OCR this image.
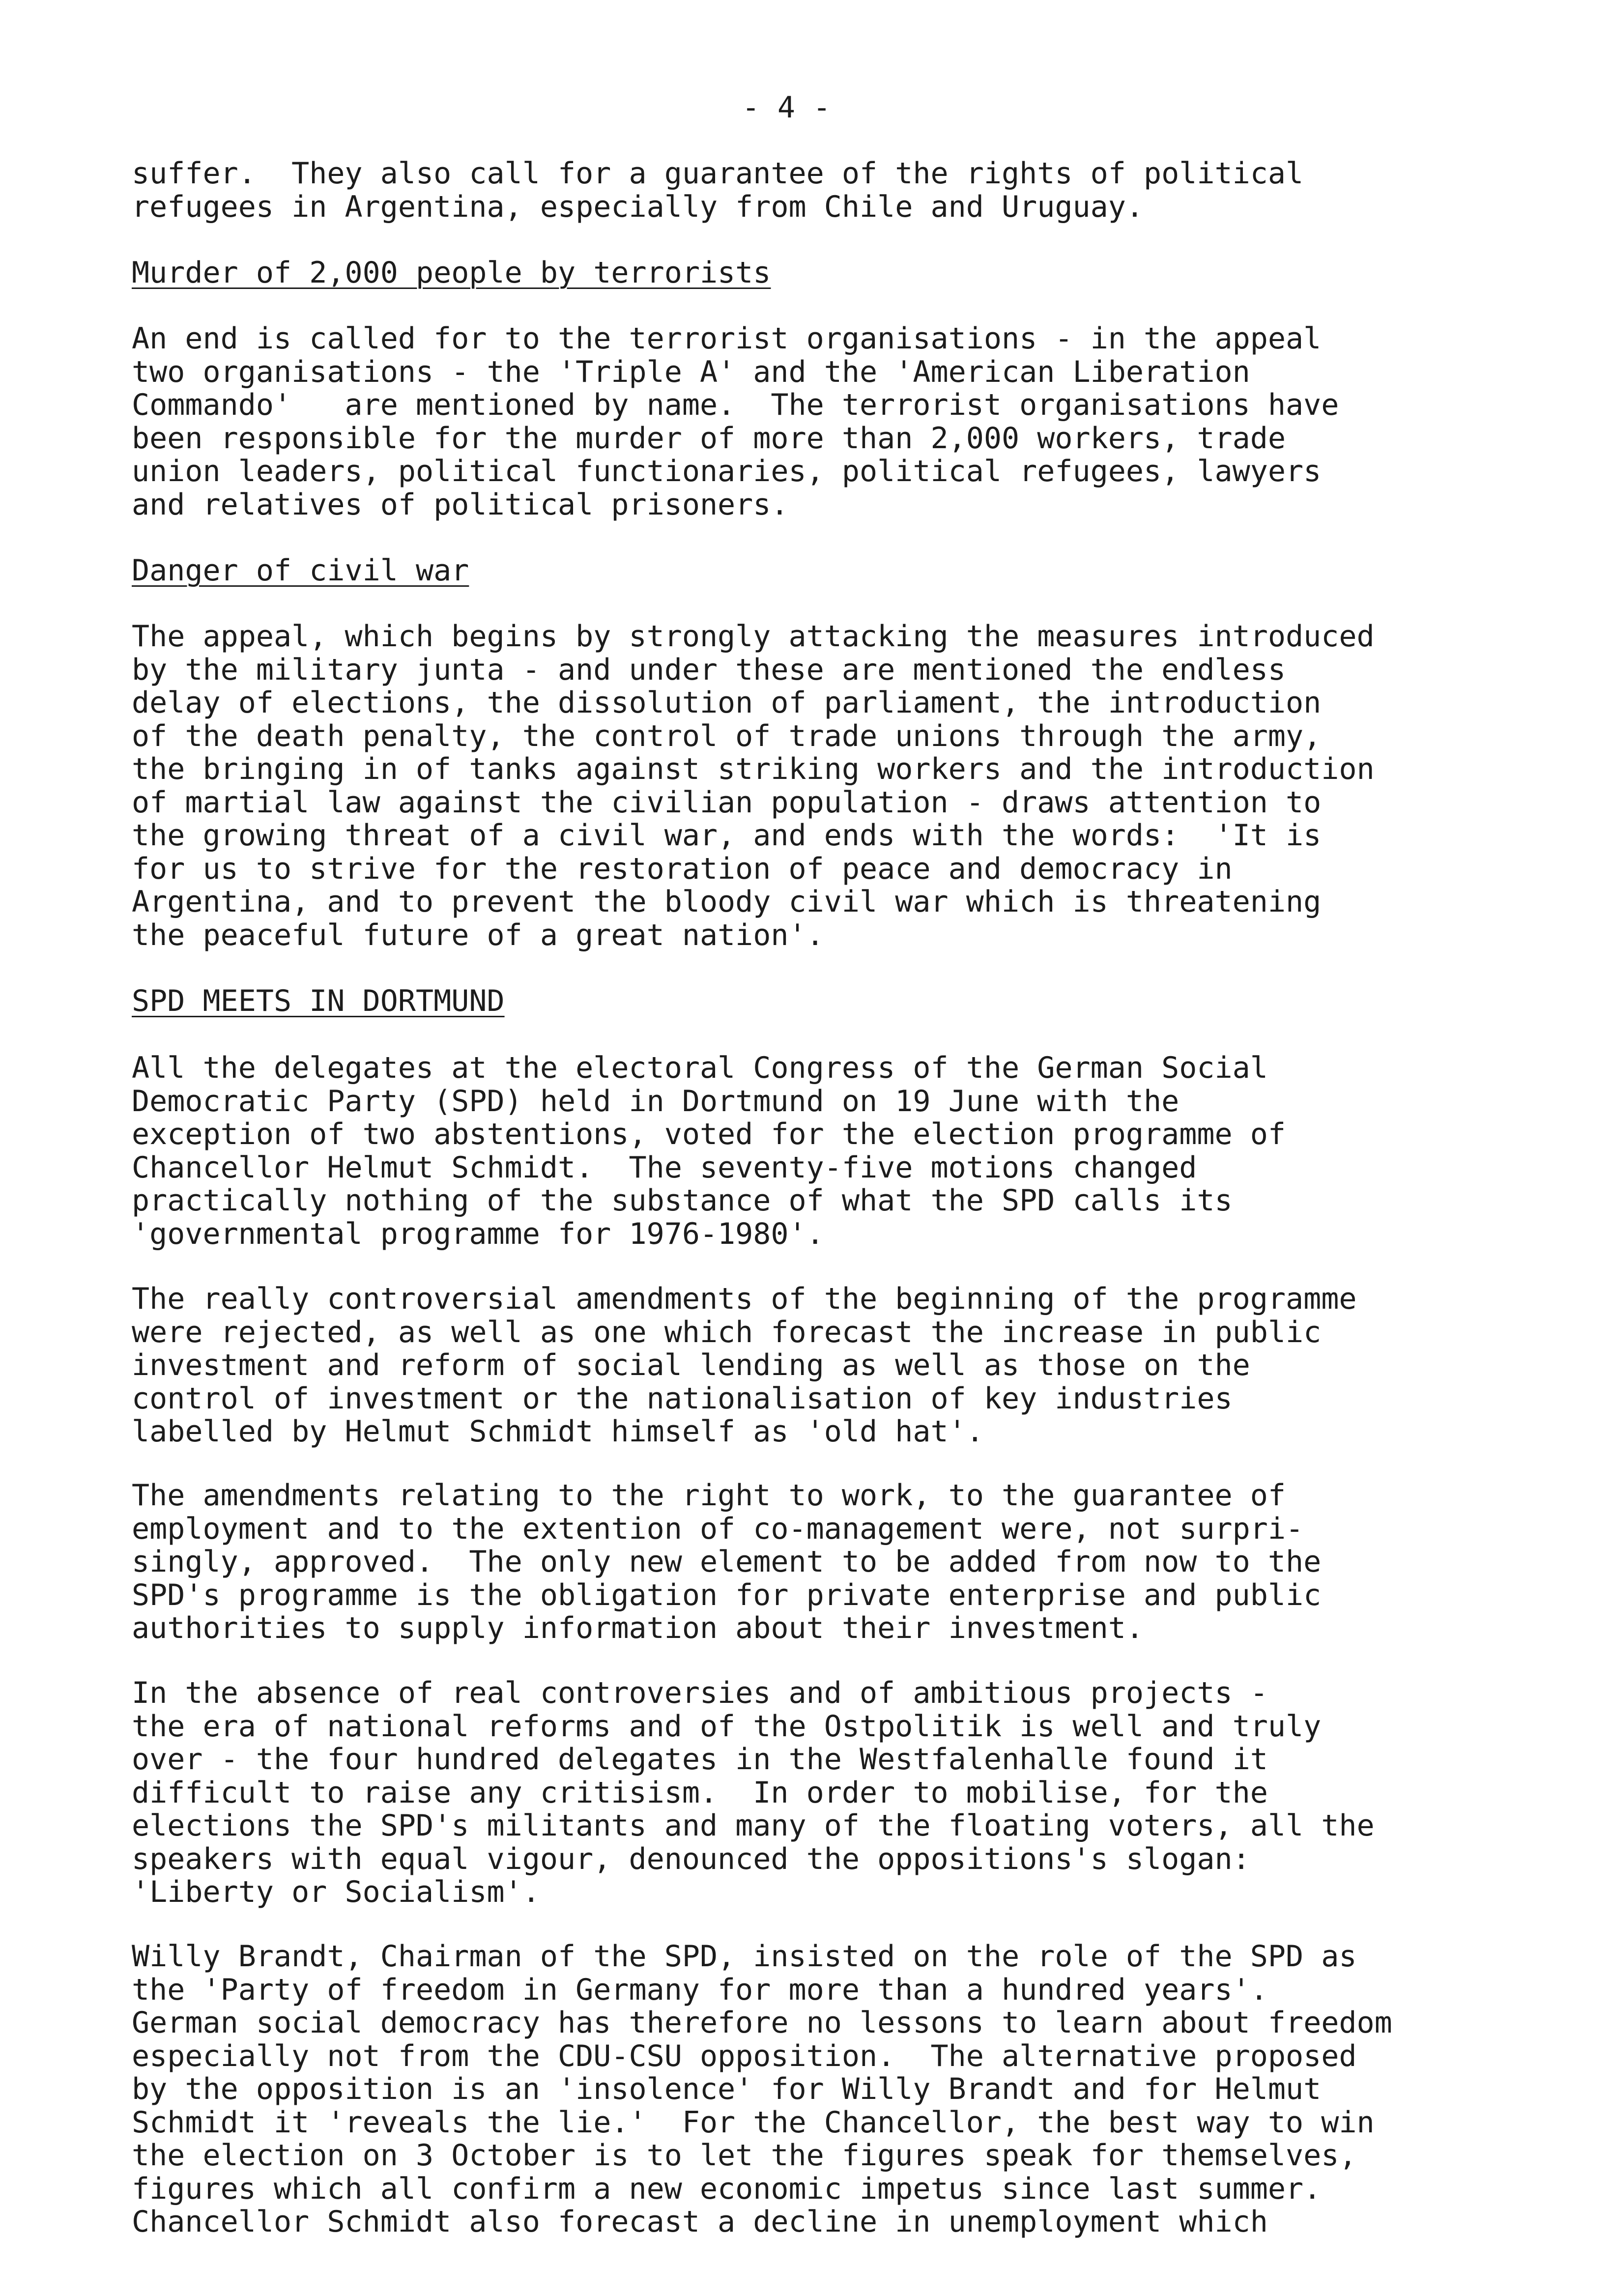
- 4 -
suffer.  They also call for a guarantee of the rights of political
refugees in Argentina, especially from Chile and Uruguay.
Murder of 2,000 people by terrorists
An end is called for to the terrorist organisations - in the appeal
two organisations - the 'Triple A' and the 'American Liberation
Commando'   are mentioned by name.  The terrorist organisations have
been responsible for the murder of more than 2,000 workers, trade
union leaders, political functionaries, political refugees, lawyers
and relatives of political prisoners.
Danger of civil war
The appeal, which begins by strongly attacking the measures introduced
by the military junta - and under these are mentioned the endless
delay of elections, the dissolution of parliament, the introduction
of the death penalty, the control of trade unions through the army,
the bringing in of tanks against striking workers and the introduction
of martial law against the civilian population - draws attention to
the growing threat of a civil war, and ends with the words:  'It is
for us to strive for the restoration of peace and democracy in
Argentina, and to prevent the bloody civil war which is threatening
the peaceful future of a great nation'.
SPD MEETS IN DORTMUND
All the delegates at the electoral Congress of the German Social
Democratic Party (SPD) held in Dortmund on 19 June with the
exception of two abstentions, voted for the election programme of
Chancellor Helmut Schmidt.  The seventy-five motions changed
practically nothing of the substance of what the SPD calls its
'governmental programme for 1976-1980'.
The really controversial amendments of the beginning of the programme
were rejected, as well as one which forecast the increase in public
investment and reform of social lending as well as those on the
control of investment or the nationalisation of key industries
labelled by Helmut Schmidt himself as 'old hat'.
The amendments relating to the right to work, to the guarantee of
employment and to the extention of co-management were, not surpri-
singly, approved.  The only new element to be added from now to the
SPD's programme is the obligation for private enterprise and public
authorities to supply information about their investment.
In the absence of real controversies and of ambitious projects -
the era of national reforms and of the Ostpolitik is well and truly
over - the four hundred delegates in the Westfalenhalle found it
difficult to raise any critisism.  In order to mobilise, for the
elections the SPD's militants and many of the floating voters, all the
speakers with equal vigour, denounced the oppositions's slogan:
'Liberty or Socialism'.
Willy Brandt, Chairman of the SPD, insisted on the role of the SPD as
the 'Party of freedom in Germany for more than a hundred years'.
German social democracy has therefore no lessons to learn about freedom
especially not from the CDU-CSU opposition.  The alternative proposed
by the opposition is an 'insolence' for Willy Brandt and for Helmut
Schmidt it 'reveals the lie.'  For the Chancellor, the best way to win
the election on 3 October is to let the figures speak for themselves,
figures which all confirm a new economic impetus since last summer.
Chancellor Schmidt also forecast a decline in unemployment which
